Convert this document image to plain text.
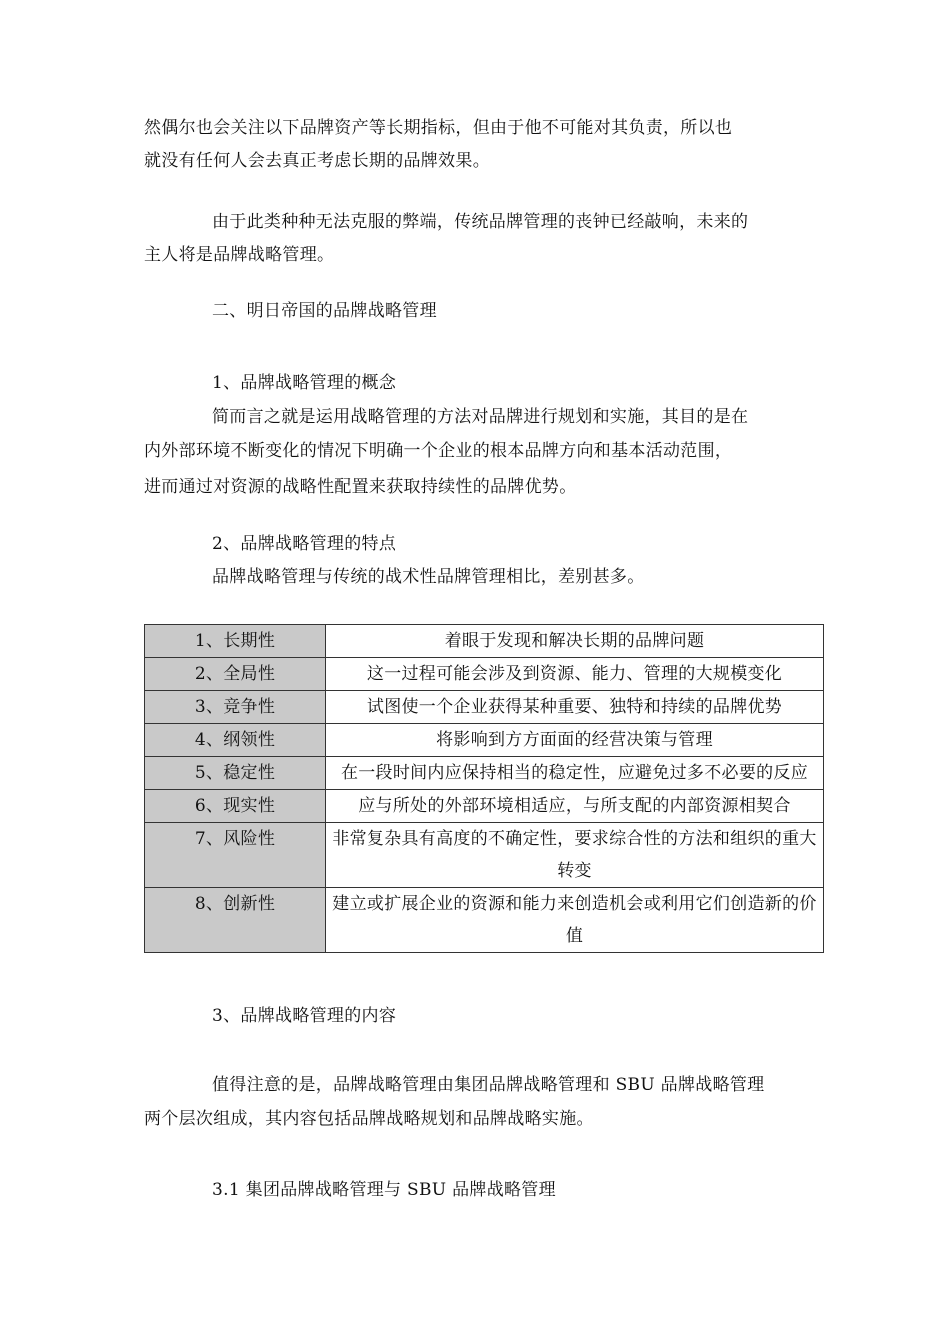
然偶尔也会关注以下品牌资产等长期指标，但由于他不可能对其负责，所以也
就没有任何人会去真正考虑长期的品牌效果。
由于此类种种无法克服的弊端，传统品牌管理的丧钟已经敲响，未来的
主人将是品牌战略管理。
二、明日帝国的品牌战略管理
1、品牌战略管理的概念
简而言之就是运用战略管理的方法对品牌进行规划和实施，其目的是在
内外部环境不断变化的情况下明确一个企业的根本品牌方向和基本活动范围，
进而通过对资源的战略性配置来获取持续性的品牌优势。
2、品牌战略管理的特点
品牌战略管理与传统的战术性品牌管理相比，差别甚多。
1、长期性	着眼于发现和解决长期的品牌问题
2、全局性	这一过程可能会涉及到资源、能力、管理的大规模变化
3、竞争性	试图使一个企业获得某种重要、独特和持续的品牌优势
4、纲领性	将影响到方方面面的经营决策与管理
5、稳定性	在一段时间内应保持相当的稳定性，应避免过多不必要的反应
6、现实性	应与所处的外部环境相适应，与所支配的内部资源相契合
7、风险性	非常复杂具有高度的不确定性，要求综合性的方法和组织的重大转变
8、创新性	建立或扩展企业的资源和能力来创造机会或利用它们创造新的价值
3、品牌战略管理的内容
值得注意的是，品牌战略管理由集团品牌战略管理和 SBU 品牌战略管理
两个层次组成，其内容包括品牌战略规划和品牌战略实施。
3.1 集团品牌战略管理与 SBU 品牌战略管理
